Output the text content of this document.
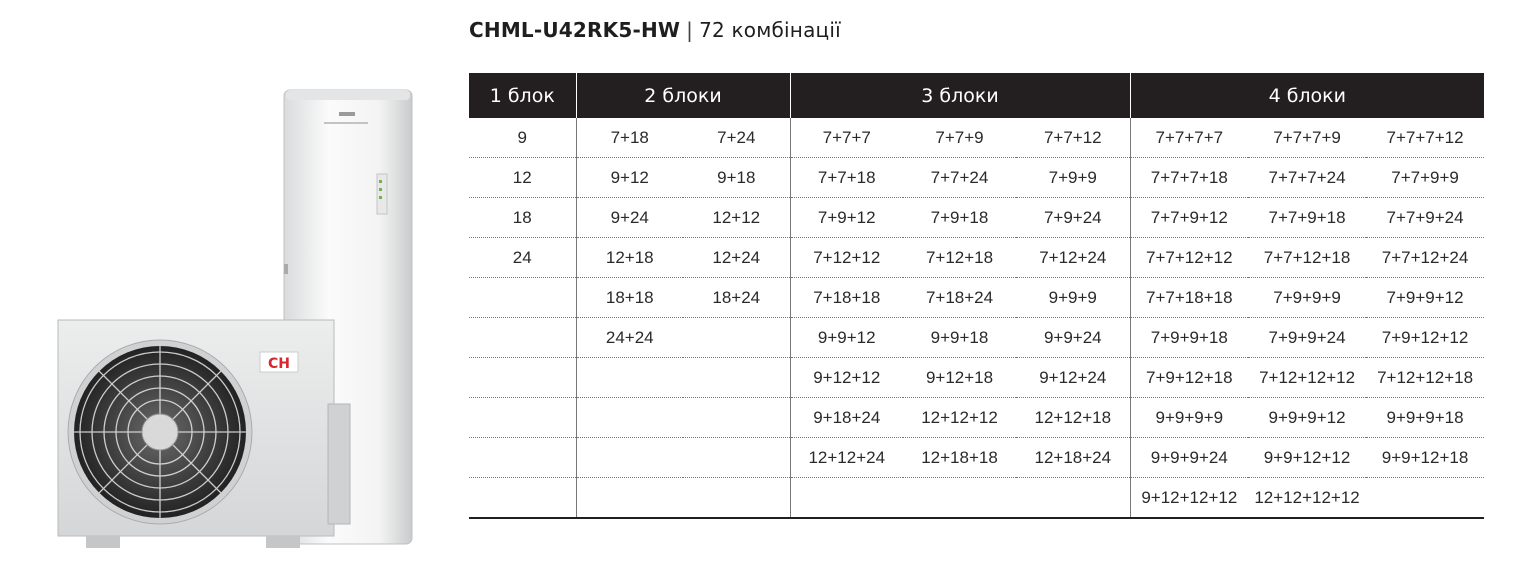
CHML-U42RK5-HW | 72 комбінації
CH
1 блок	2 блоки		3 блоки			4 блоки		
9	7+18	7+24	7+7+7	7+7+9	7+7+12	7+7+7+7	7+7+7+9	7+7+7+12
12	9+12	9+18	7+7+18	7+7+24	7+9+9	7+7+7+18	7+7+7+24	7+7+9+9
18	9+24	12+12	7+9+12	7+9+18	7+9+24	7+7+9+12	7+7+9+18	7+7+9+24
24	12+18	12+24	7+12+12	7+12+18	7+12+24	7+7+12+12	7+7+12+18	7+7+12+24
	18+18	18+24	7+18+18	7+18+24	9+9+9	7+7+18+18	7+9+9+9	7+9+9+12
	24+24		9+9+12	9+9+18	9+9+24	7+9+9+18	7+9+9+24	7+9+12+12
			9+12+12	9+12+18	9+12+24	7+9+12+18	7+12+12+12	7+12+12+18
			9+18+24	12+12+12	12+12+18	9+9+9+9	9+9+9+12	9+9+9+18
			12+12+24	12+18+18	12+18+24	9+9+9+24	9+9+12+12	9+9+12+18
						9+12+12+12	12+12+12+12	
